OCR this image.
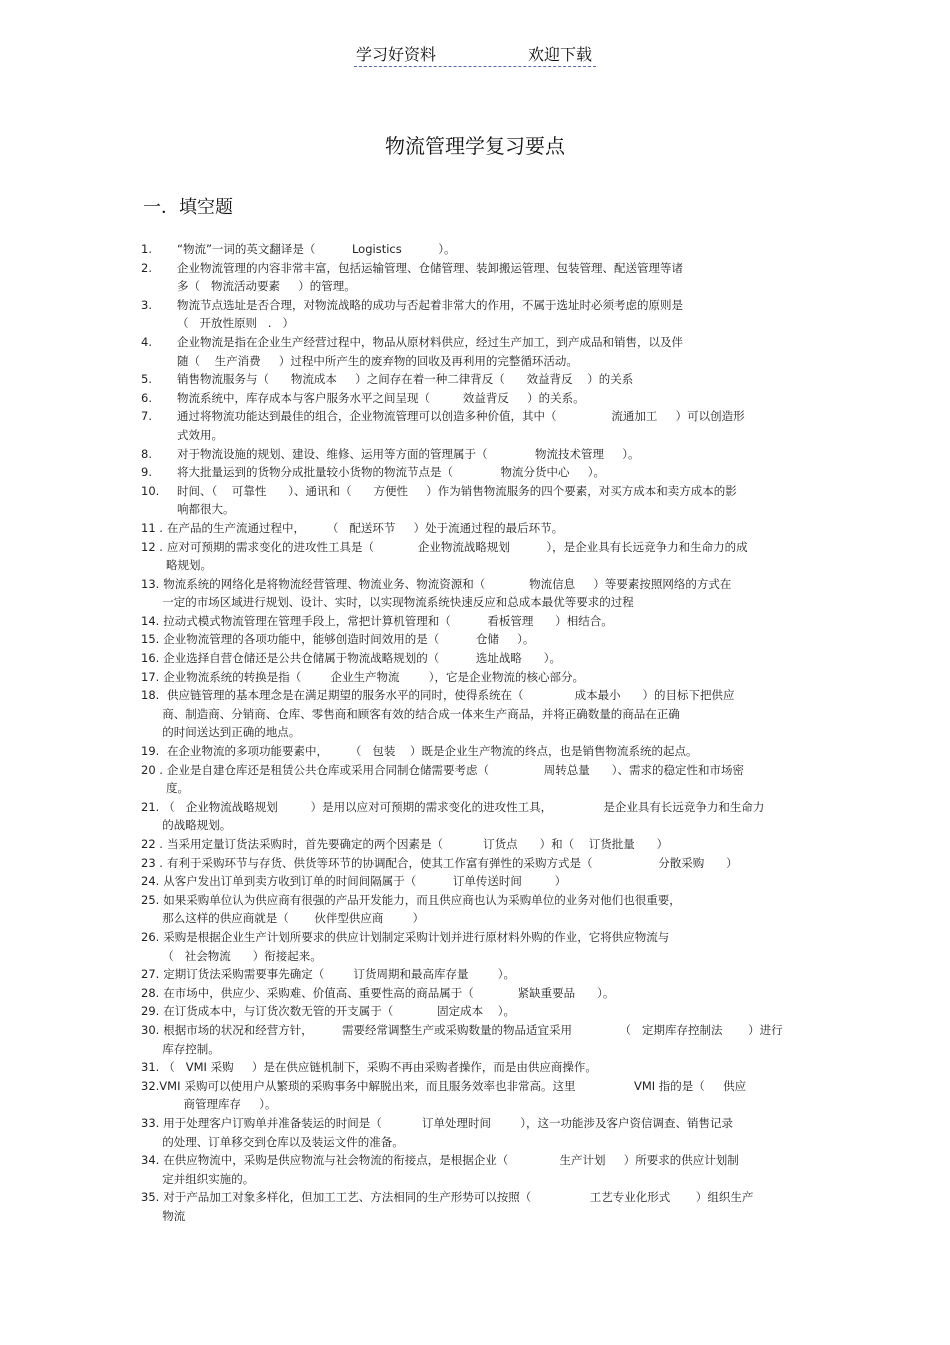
学习好资料	欢迎下载
物流管理学复习要点
一．填空题
1.	“物流”一词的英文翻译是（          Logistics          ）。
2.	企业物流管理的内容非常丰富，包括运输管理、仓储管理、装卸搬运管理、包装管理、配送管理等诸
多（   物流活动要素     ）的管理。
3.	物流节点选址是否合理，对物流战略的成功与否起着非常大的作用，不属于选址时必须考虑的原则是
（   开放性原则   .   ）
4.	企业物流是指在企业生产经营过程中，物品从原材料供应，经过生产加工，到产成品和销售，以及伴
随（    生产消费     ）过程中所产生的废弃物的回收及再利用的完整循环活动。
5.	销售物流服务与（      物流成本     ）之间存在着一种二律背反（      效益背反    ）的关系
6.	物流系统中，库存成本与客户服务水平之间呈现（         效益背反     ）的关系。
7.	通过将物流功能达到最佳的组合，企业物流管理可以创造多种价值，其中（               流通加工     ）可以创造形
式效用。
8.	对于物流设施的规划、建设、维修、运用等方面的管理属于（             物流技术管理     ）。
9.	将大批量运到的货物分成批量较小货物的物流节点是（             物流分货中心     ）。
10.	时间、（    可靠性      ）、通讯和（      方便性     ）作为销售物流服务的四个要素，对买方成本和卖方成本的影
响都很大。
11 . 在产品的生产流通过程中，      （   配送环节     ）处于流通过程的最后环节。
12 . 应对可预期的需求变化的进攻性工具是（            企业物流战略规划          ），是企业具有长远竞争力和生命力的成
略规划。
13. 物流系统的网络化是将物流经营管理、物流业务、物流资源和（            物流信息     ）等要素按照网络的方式在
一定的市场区域进行规划、设计、实时，以实现物流系统快速反应和总成本最优等要求的过程
14. 拉动式模式物流管理在管理手段上，常把计算机管理和（          看板管理      ）相结合。
15. 企业物流管理的各项功能中，能够创造时间效用的是（          仓储     ）。
16. 企业选择自营仓储还是公共仓储属于物流战略规划的（          选址战略      ）。
17. 企业物流系统的转换是指（        企业生产物流        ），它是企业物流的核心部分。
18. 供应链管理的基本理念是在满足期望的服务水平的同时，使得系统在（              成本最小      ）的目标下把供应
商、制造商、分销商、仓库、零售商和顾客有效的结合成一体来生产商品，并将正确数量的商品在正确
的时间送达到正确的地点。
19. 在企业物流的多项功能要素中，      （   包装    ）既是企业生产物流的终点，也是销售物流系统的起点。
20 . 企业是自建仓库还是租赁公共仓库或采用合同制仓储需要考虑（               周转总量      ）、需求的稳定性和市场密
度。
21. （   企业物流战略规划         ）是用以应对可预期的需求变化的进攻性工具，              是企业具有长远竞争力和生命力
的战略规划。
22 . 当采用定量订货法采购时，首先要确定的两个因素是（           订货点      ）和（    订货批量      ）
23 . 有利于采购环节与存货、供货等环节的协调配合，使其工作富有弹性的采购方式是（                  分散采购      ）
24. 从客户发出订单到卖方收到订单的时间间隔属于（          订单传送时间         ）
25. 如果采购单位认为供应商有很强的产品开发能力，而且供应商也认为采购单位的业务对他们也很重要，
那么这样的供应商就是（       伙伴型供应商        ）
26. 采购是根据企业生产计划所要求的供应计划制定采购计划并进行原材料外购的作业，它将供应物流与
（   社会物流      ）衔接起来。
27. 定期订货法采购需要事先确定（        订货周期和最高库存量        ）。
28. 在市场中，供应少、采购难、价值高、重要性高的商品属于（            紧缺重要品      ）。
29. 在订货成本中，与订货次数无管的开支属于（            固定成本    ）。
30. 根据市场的状况和经营方针，        需要经常调整生产或采购数量的物品适宜采用             （   定期库存控制法       ）进行
库存控制。
31. （   VMI 采购     ）是在供应链机制下，采购不再由采购者操作，而是由供应商操作。
32.VMI 采购可以使用户从繁琐的采购事务中解脱出来，而且服务效率也非常高。这里                VMI 指的是（     供应
商管理库存     ）。
33. 用于处理客户订购单并准备装运的时间是（           订单处理时间        ），这一功能涉及客户资信调查、销售记录
的处理、订单移交到仓库以及装运文件的准备。
34. 在供应物流中，采购是供应物流与社会物流的衔接点，是根据企业（              生产计划     ）所要求的供应计划制
定并组织实施的。
35. 对于产品加工对象多样化，但加工工艺、方法相同的生产形势可以按照（                工艺专业化形式       ）组织生产
物流
